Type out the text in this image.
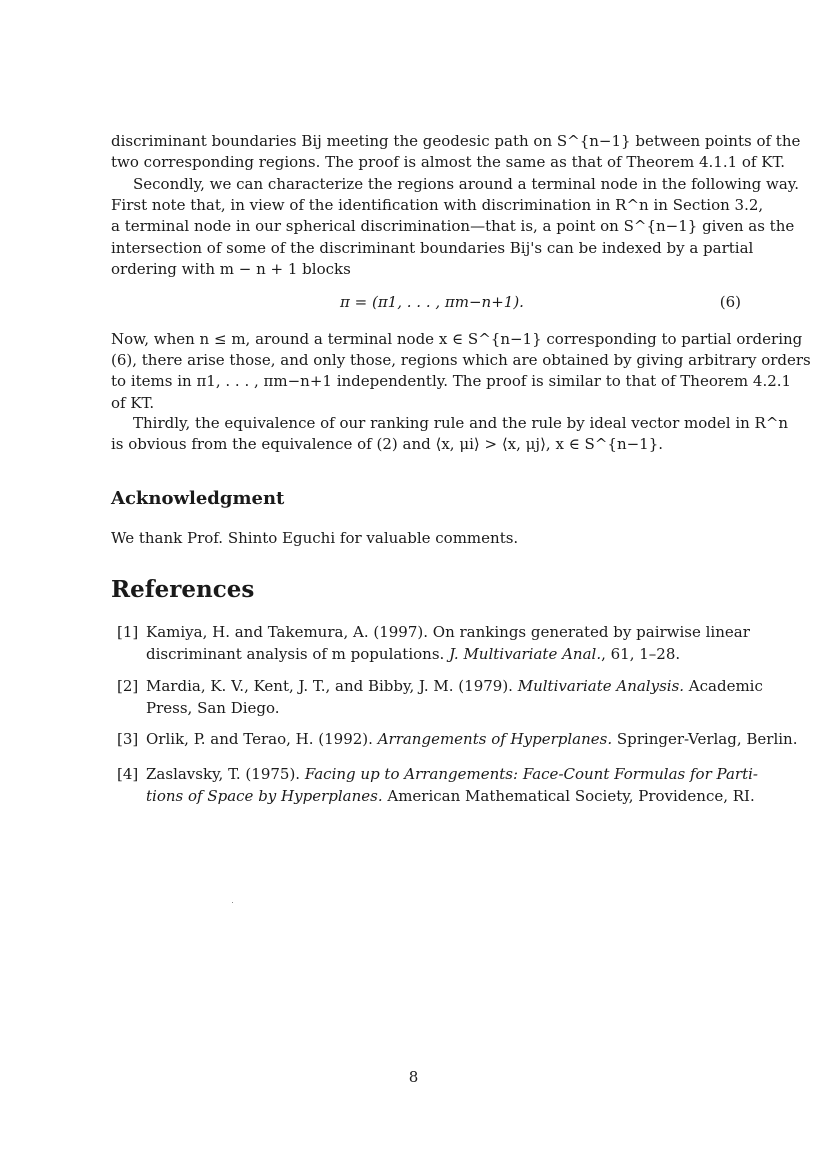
discriminant boundaries Bij meeting the geodesic path on S^{n−1} between points of the
two corresponding regions. The proof is almost the same as that of Theorem 4.1.1 of KT.

Secondly, we can characterize the regions around a terminal node in the following way.
First note that, in view of the identification with discrimination in R^n in Section 3.2,
a terminal node in our spherical discrimination—that is, a point on S^{n−1} given as the
intersection of some of the discriminant boundaries Bij's can be indexed by a partial
ordering with m − n + 1 blocks

π = (π1, . . . , πm−n+1).	(6)

Now, when n ≤ m, around a terminal node x ∈ S^{n−1} corresponding to partial ordering
(6), there arise those, and only those, regions which are obtained by giving arbitrary orders
to items in π1, . . . , πm−n+1 independently. The proof is similar to that of Theorem 4.2.1
of KT.

Thirdly, the equivalence of our ranking rule and the rule by ideal vector model in R^n
is obvious from the equivalence of (2) and ⟨x, μi⟩ > ⟨x, μj⟩, x ∈ S^{n−1}.

Acknowledgment

We thank Prof. Shinto Eguchi for valuable comments.

References
[1] Kamiya, H. and Takemura, A. (1997). On rankings generated by pairwise linear
discriminant analysis of m populations. J. Multivariate Anal., 61, 1–28.
[2] Mardia, K. V., Kent, J. T., and Bibby, J. M. (1979). Multivariate Analysis. Academic
Press, San Diego.
[3] Orlik, P. and Terao, H. (1992). Arrangements of Hyperplanes. Springer-Verlag, Berlin.
[4] Zaslavsky, T. (1975). Facing up to Arrangements: Face-Count Formulas for Parti-
tions of Space by Hyperplanes. American Mathematical Society, Providence, RI.
8
